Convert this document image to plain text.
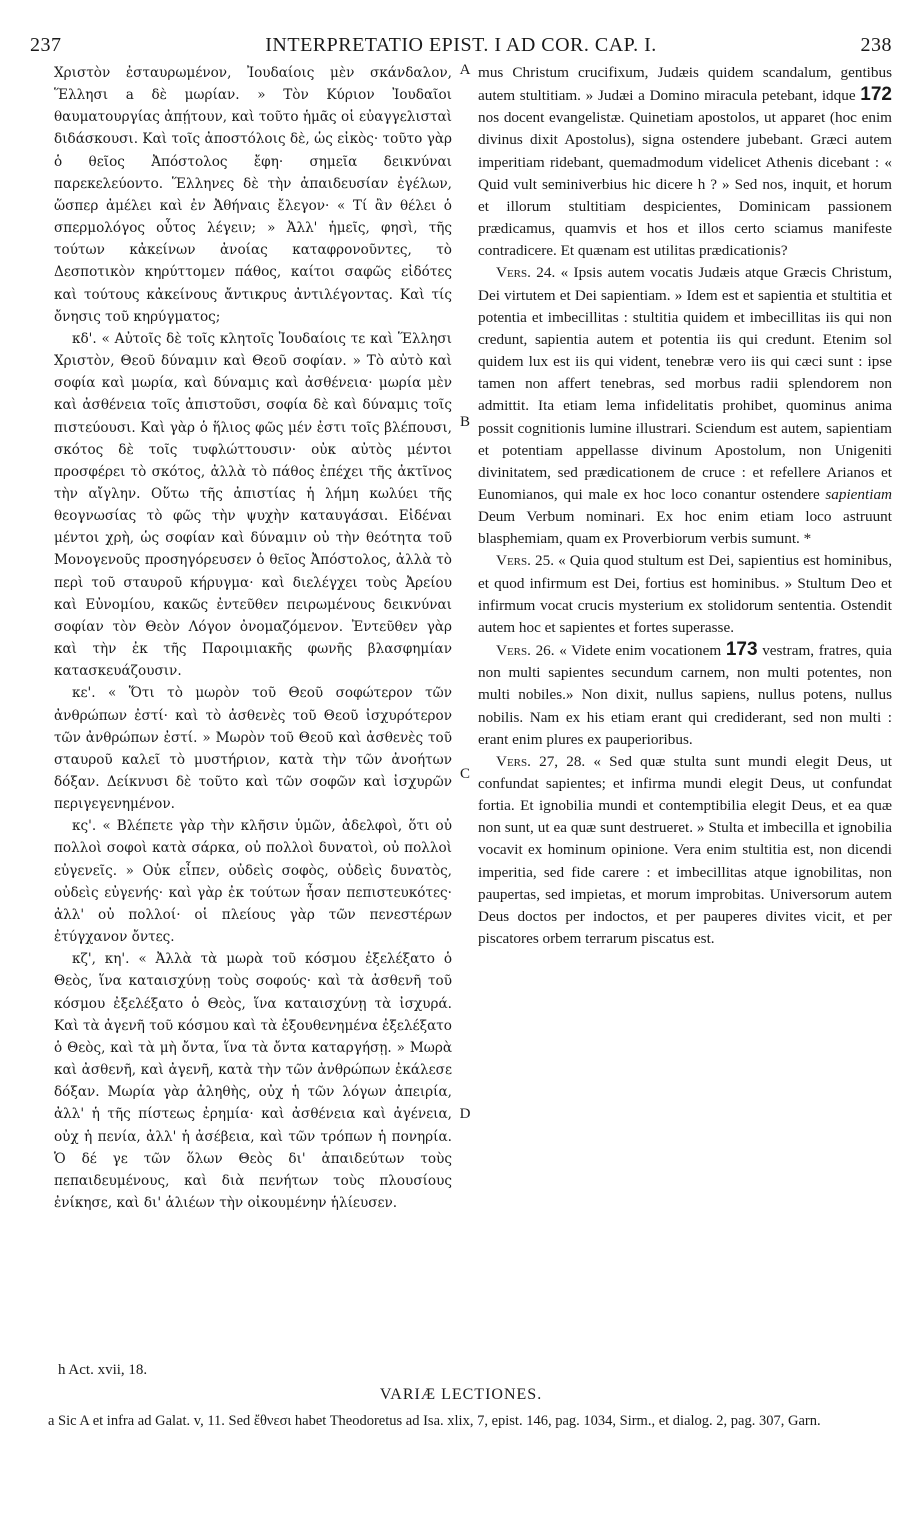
INTERPRETATIO EPIST. I AD COR. CAP. I.
237	238

Χριστὸν ἐσταυρωμένον, Ἰουδαίοις μὲν σκάνδαλον, Ἕλλησι a δὲ μωρίαν. » Τὸν Κύριον Ἰουδαῖοι θαυματουργίας ἀπῄτουν, καὶ τοῦτο ἡμᾶς οἱ εὐαγγελισταὶ διδάσκουσι. Καὶ τοῖς ἀποστόλοις δὲ, ὡς εἰκὸς· τοῦτο γὰρ ὁ θεῖος Ἀπόστολος ἔφη· σημεῖα δεικνύναι παρεκελεύοντο. Ἕλληνες δὲ τὴν ἀπαιδευσίαν ἐγέλων, ὥσπερ ἀμέλει καὶ ἐν Ἀθήναις ἔλεγον· « Τί ἂν θέλει ὁ σπερμολόγος οὗτος λέγειν; » Ἀλλ' ἡμεῖς, φησὶ, τῆς τούτων κἀκείνων ἀνοίας καταφρονοῦντες, τὸ Δεσποτικὸν κηρύττομεν πάθος, καίτοι σαφῶς εἰδότες καὶ τούτους κἀκείνους ἄντικρυς ἀντιλέγοντας. Καὶ τίς ὄνησις τοῦ κηρύγματος;

κδ'. « Αὐτοῖς δὲ τοῖς κλητοῖς Ἰουδαίοις τε καὶ Ἕλλησι Χριστὸν, Θεοῦ δύναμιν καὶ Θεοῦ σοφίαν. » Τὸ αὐτὸ καὶ σοφία καὶ μωρία, καὶ δύναμις καὶ ἀσθένεια· μωρία μὲν καὶ ἀσθένεια τοῖς ἀπιστοῦσι, σοφία δὲ καὶ δύναμις τοῖς πιστεύουσι. Καὶ γὰρ ὁ ἥλιος φῶς μέν ἐστι τοῖς βλέπουσι, σκότος δὲ τοῖς τυφλώττουσιν· οὐκ αὐτὸς μέντοι προσφέρει τὸ σκότος, ἀλλὰ τὸ πάθος ἐπέχει τῆς ἀκτῖνος τὴν αἴγλην. Οὕτω τῆς ἀπιστίας ἡ λήμη κωλύει τῆς θεογνωσίας τὸ φῶς τὴν ψυχὴν καταυγάσαι. Εἰδέναι μέντοι χρὴ, ὡς σοφίαν καὶ δύναμιν οὐ τὴν θεότητα τοῦ Μονογενοῦς προσηγόρευσεν ὁ θεῖος Ἀπόστολος, ἀλλὰ τὸ περὶ τοῦ σταυροῦ κήρυγμα· καὶ διελέγχει τοὺς Ἀρείου καὶ Εὐνομίου, κακῶς ἐντεῦθεν πειρωμένους δεικνύναι σοφίαν τὸν Θεὸν Λόγον ὀνομαζόμενον. Ἐντεῦθεν γὰρ καὶ τὴν ἐκ τῆς Παροιμιακῆς φωνῆς βλασφημίαν κατασκευάζουσιν.

κε'. « Ὅτι τὸ μωρὸν τοῦ Θεοῦ σοφώτερον τῶν ἀνθρώπων ἐστί· καὶ τὸ ἀσθενὲς τοῦ Θεοῦ ἰσχυρότερον τῶν ἀνθρώπων ἐστί. » Μωρὸν τοῦ Θεοῦ καὶ ἀσθενὲς τοῦ σταυροῦ καλεῖ τὸ μυστήριον, κατὰ τὴν τῶν ἀνοήτων δόξαν. Δείκνυσι δὲ τοῦτο καὶ τῶν σοφῶν καὶ ἰσχυρῶν περιγεγενημένον.

κς'. « Βλέπετε γὰρ τὴν κλῆσιν ὑμῶν, ἀδελφοὶ, ὅτι οὐ πολλοὶ σοφοὶ κατὰ σάρκα, οὐ πολλοὶ δυνατοὶ, οὐ πολλοὶ εὐγενεῖς. » Οὐκ εἶπεν, οὐδεὶς σοφὸς, οὐδεὶς δυνατὸς, οὐδεὶς εὐγενής· καὶ γὰρ ἐκ τούτων ἦσαν πεπιστευκότες· ἀλλ' οὐ πολλοί· οἱ πλείους γὰρ τῶν πενεστέρων ἐτύγχανον ὄντες.

κζ', κη'. « Ἀλλὰ τὰ μωρὰ τοῦ κόσμου ἐξελέξατο ὁ Θεὸς, ἵνα καταισχύνῃ τοὺς σοφούς· καὶ τὰ ἀσθενῆ τοῦ κόσμου ἐξελέξατο ὁ Θεὸς, ἵνα καταισχύνῃ τὰ ἰσχυρά. Καὶ τὰ ἀγενῆ τοῦ κόσμου καὶ τὰ ἐξουθενημένα ἐξελέξατο ὁ Θεὸς, καὶ τὰ μὴ ὄντα, ἵνα τὰ ὄντα καταργήσῃ. » Μωρὰ καὶ ἀσθενῆ, καὶ ἀγενῆ, κατὰ τὴν τῶν ἀνθρώπων ἐκάλεσε δόξαν. Μωρία γὰρ ἀληθὴς, οὐχ ἡ τῶν λόγων ἀπειρία, ἀλλ' ἡ τῆς πίστεως ἐρημία· καὶ ἀσθένεια καὶ ἀγένεια, οὐχ ἡ πενία, ἀλλ' ἡ ἀσέβεια, καὶ τῶν τρόπων ἡ πονηρία. Ὁ δέ γε τῶν ὅλων Θεὸς δι' ἀπαιδεύτων τοὺς πεπαιδευμένους, καὶ διὰ πενήτων τοὺς πλουσίους ἐνίκησε, καὶ δι' ἁλιέων τὴν οἰκουμένην ἡλίευσεν.

A
B
C
D

mus Christum crucifixum, Judæis quidem scandalum, gentibus autem stultitiam. » Judæi a Domino miracula petebant, idque 172 nos docent evangelistæ. Quinetiam apostolos, ut apparet (hoc enim divinus dixit Apostolus), signa ostendere jubebant. Græci autem imperitiam ridebant, quemadmodum videlicet Athenis dicebant : « Quid vult seminiverbius hic dicere h ? » Sed nos, inquit, et horum et illorum stultitiam despicientes, Dominicam passionem prædicamus, quamvis et hos et illos certo sciamus manifeste contradicere. Et quænam est utilitas prædicationis?

Vers. 24. « Ipsis autem vocatis Judæis atque Græcis Christum, Dei virtutem et Dei sapientiam. » Idem est et sapientia et stultitia et potentia et imbecillitas : stultitia quidem et imbecillitas iis qui non credunt, sapientia autem et potentia iis qui credunt. Etenim sol quidem lux est iis qui vident, tenebræ vero iis qui cæci sunt : ipse tamen non affert tenebras, sed morbus radii splendorem non admittit. Ita etiam lema infidelitatis prohibet, quominus anima possit cognitionis lumine illustrari. Sciendum est autem, sapientiam et potentiam appellasse divinum Apostolum, non Unigeniti divinitatem, sed prædicationem de cruce : et refellere Arianos et Eunomianos, qui male ex hoc loco conantur ostendere sapientiam Deum Verbum nominari. Ex hoc enim etiam loco astruunt blasphemiam, quam ex Proverbiorum verbis sumunt. *

Vers. 25. « Quia quod stultum est Dei, sapientius est hominibus, et quod infirmum est Dei, fortius est hominibus. » Stultum Deo et infirmum vocat crucis mysterium ex stolidorum sententia. Ostendit autem hoc et sapientes et fortes superasse.

Vers. 26. « Videte enim vocationem 173 vestram, fratres, quia non multi sapientes secundum carnem, non multi potentes, non multi nobiles.» Non dixit, nullus sapiens, nullus potens, nullus nobilis. Nam ex his etiam erant qui crediderant, sed non multi : erant enim plures ex pauperioribus.

Vers. 27, 28. « Sed quæ stulta sunt mundi elegit Deus, ut confundat sapientes; et infirma mundi elegit Deus, ut confundat fortia. Et ignobilia mundi et contemptibilia elegit Deus, et ea quæ non sunt, ut ea quæ sunt destrueret. » Stulta et imbecilla et ignobilia vocavit ex hominum opinione. Vera enim stultitia est, non dicendi imperitia, sed fide carere : et imbecillitas atque ignobilitas, non paupertas, sed impietas, et morum improbitas. Universorum autem Deus doctos per indoctos, et per pauperes divites vicit, et per piscatores orbem terrarum piscatus est.

h Act. xvii, 18.
VARIÆ LECTIONES.
a Sic A et infra ad Galat. v, 11. Sed ἔθνεσι habet Theodoretus ad Isa. xlix, 7, epist. 146, pag. 1034, Sirm., et dialog. 2, pag. 307, Garn.
